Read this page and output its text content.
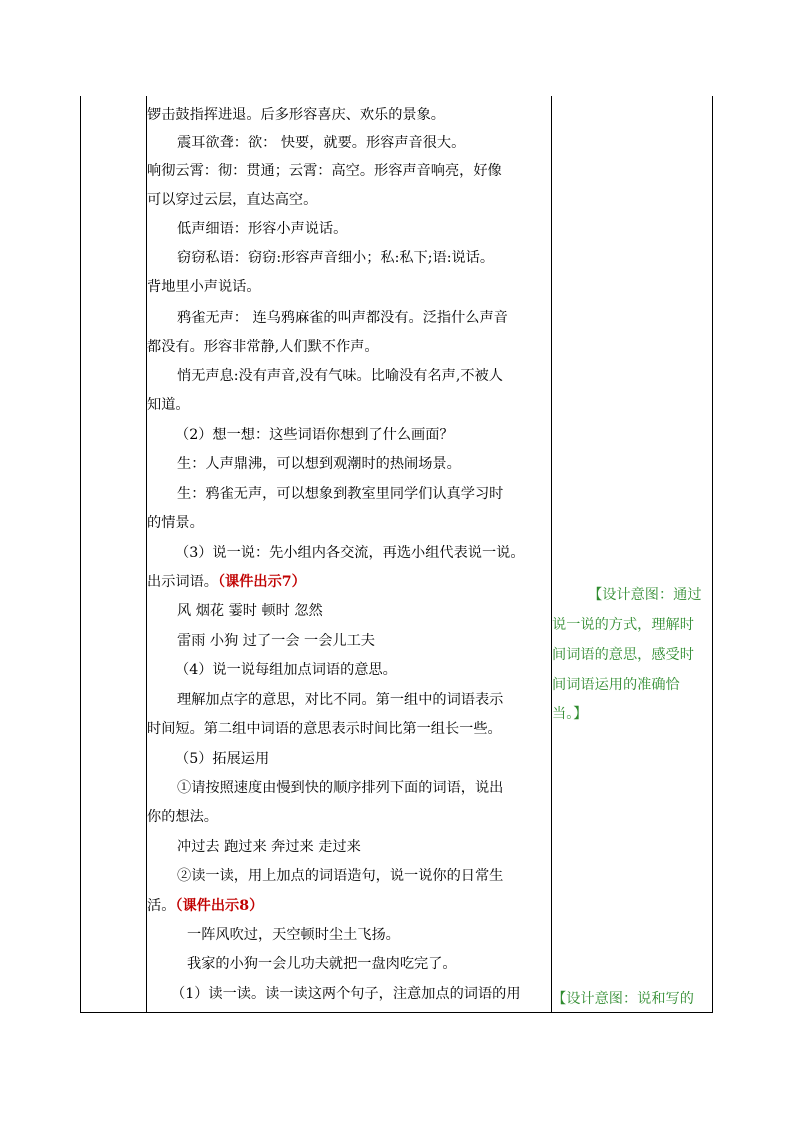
锣击鼓指挥进退。后多形容喜庆、欢乐的景象。
震耳欲聋：欲： 快要，就要。形容声音很大。
响彻云霄：彻：贯通；云霄：高空。形容声音响亮，好像
可以穿过云层，直达高空。
低声细语：形容小声说话。
窃窃私语：窃窃:形容声音细小；私:私下;语:说话。
背地里小声说话。
鸦雀无声： 连乌鸦麻雀的叫声都没有。泛指什么声音
都没有。形容非常静,人们默不作声。
悄无声息:没有声音,没有气味。比喻没有名声,不被人
知道。
（2）想一想：这些词语你想到了什么画面？
生：人声鼎沸，可以想到观潮时的热闹场景。
生：鸦雀无声，可以想象到教室里同学们认真学习时
的情景。
（3）说一说：先小组内各交流，再选小组代表说一说。
出示词语。（课件出示7）
风 烟花 霎时 顿时 忽然
雷雨 小狗 过了一会 一会儿工夫
（4）说一说每组加点词语的意思。
理解加点字的意思，对比不同。第一组中的词语表示
时间短。第二组中词语的意思表示时间比第一组长一些。
（5）拓展运用
①请按照速度由慢到快的顺序排列下面的词语，说出
你的想法。
冲过去 跑过来 奔过来 走过来
②读一读，用上加点的词语造句，说一说你的日常生
活。（课件出示8）
一阵风吹过，天空顿时尘土飞扬。
我家的小狗一会儿功夫就把一盘肉吃完了。
（1）读一读。读一读这两个句子，注意加点的词语的用
【设计意图：通过
说一说的方式，理解时
间词语的意思，感受时
间词语运用的准确恰
当。】
【设计意图：说和写的
